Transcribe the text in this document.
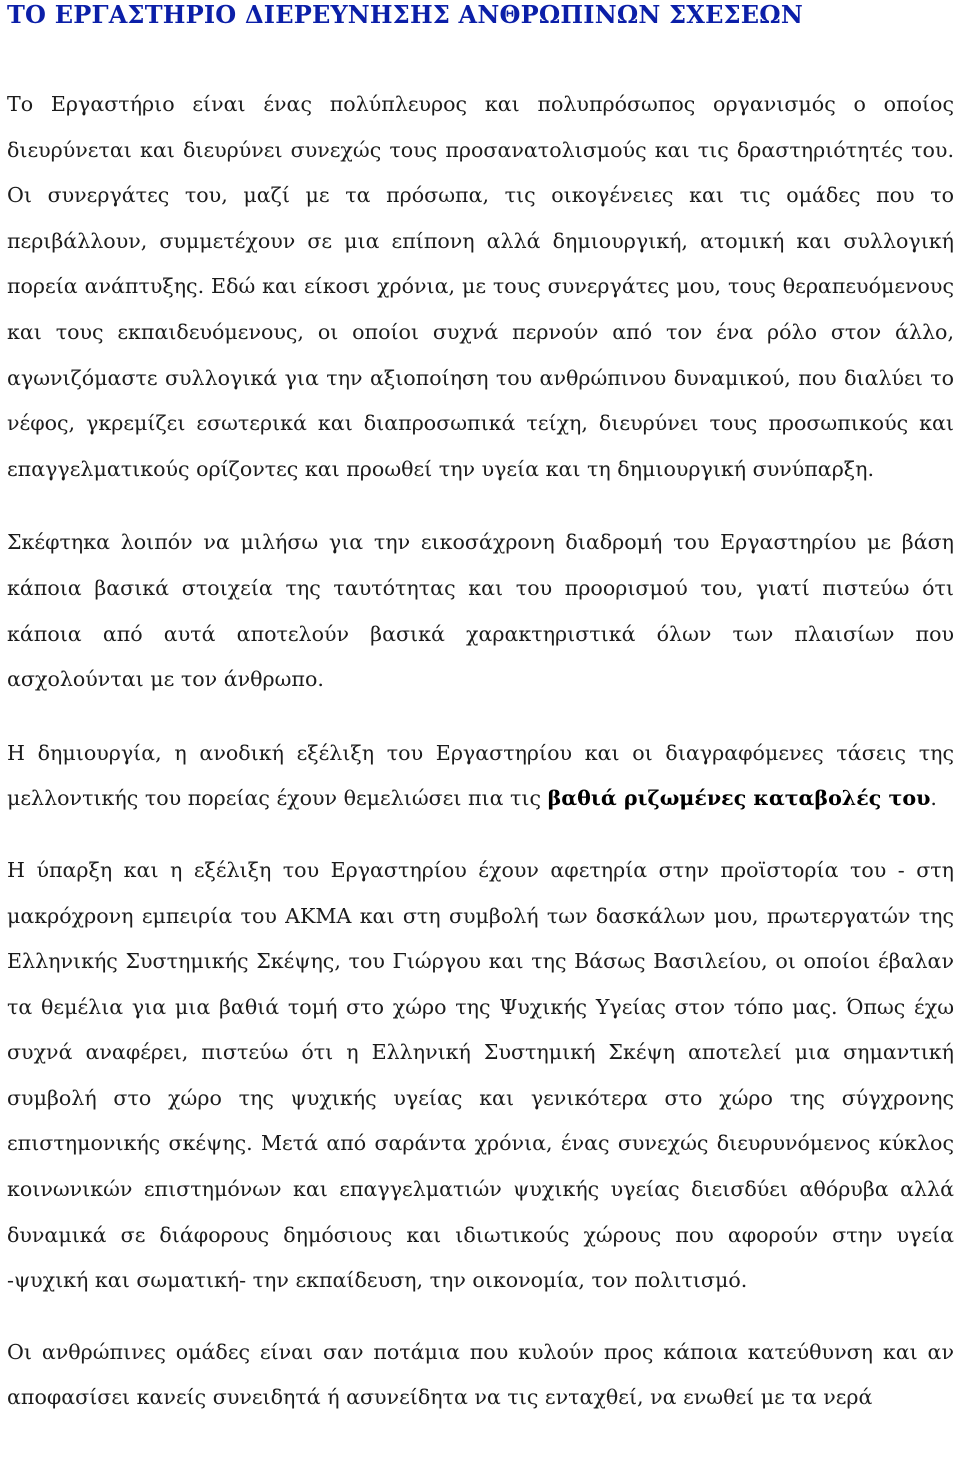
ΤΟ ΕΡΓΑΣΤΗΡΙΟ ΔΙΕΡΕΥΝΗΣΗΣ ΑΝΘΡΩΠΙΝΩΝ ΣΧΕΣΕΩΝ

Το Εργαστήριο είναι ένας πολύπλευρος και πολυπρόσωπος οργανισμός ο οποίος διευρύνεται και διευρύνει συνεχώς τους προσανατολισμούς και τις δραστηριότητές του. Οι συνεργάτες του, μαζί με τα πρόσωπα, τις οικογένειες και τις ομάδες που το περιβάλλουν, συμμετέχουν σε μια επίπονη αλλά δημιουργική, ατομική και συλλογική πορεία ανάπτυξης. Εδώ και είκοσι χρόνια, με τους συνεργάτες μου, τους θεραπευόμενους και τους εκπαιδευόμενους, οι οποίοι συχνά περνούν από τον ένα ρόλο στον άλλο, αγωνιζόμαστε συλλογικά για την αξιοποίηση του ανθρώπινου δυναμικού, που διαλύει το νέφος, γκρεμίζει εσωτερικά και διαπροσωπικά τείχη, διευρύνει τους προσωπικούς και επαγγελματικούς ορίζοντες και προωθεί την υγεία και τη δημιουργική συνύπαρξη.

Σκέφτηκα λοιπόν να μιλήσω για την εικοσάχρονη διαδρομή του Εργαστηρίου με βάση κάποια βασικά στοιχεία της ταυτότητας και του προορισμού του, γιατί πιστεύω ότι κάποια από αυτά αποτελούν βασικά χαρακτηριστικά όλων των πλαισίων που ασχολούνται με τον άνθρωπο.

Η δημιουργία, η ανοδική εξέλιξη του Εργαστηρίου και οι διαγραφόμενες τάσεις της μελλοντικής του πορείας έχουν θεμελιώσει πια τις βαθιά ριζωμένες καταβολές του.

Η ύπαρξη και η εξέλιξη του Εργαστηρίου έχουν αφετηρία στην προϊστορία του - στη μακρόχρονη εμπειρία του ΑΚΜΑ και στη συμβολή των δασκάλων μου, πρωτεργατών της Ελληνικής Συστημικής Σκέψης, του Γιώργου και της Βάσως Βασιλείου, οι οποίοι έβαλαν τα θεμέλια για μια βαθιά τομή στο χώρο της Ψυχικής Υγείας στον τόπο μας. Όπως έχω συχνά αναφέρει, πιστεύω ότι η Ελληνική Συστημική Σκέψη αποτελεί μια σημαντική συμβολή στο χώρο της ψυχικής υγείας και γενικότερα στο χώρο της σύγχρονης επιστημονικής σκέψης. Μετά από σαράντα χρόνια, ένας συνεχώς διευρυνόμενος κύκλος κοινωνικών επιστημόνων και επαγγελματιών ψυχικής υγείας διεισδύει αθόρυβα αλλά δυναμικά σε διάφορους δημόσιους και ιδιωτικούς χώρους που αφορούν στην υγεία -ψυχική και σωματική- την εκπαίδευση, την οικονομία, τον πολιτισμό.

Οι ανθρώπινες ομάδες είναι σαν ποτάμια που κυλούν προς κάποια κατεύθυνση και αν αποφασίσει κανείς συνειδητά ή ασυνείδητα να τις ενταχθεί, να ενωθεί με τα νερά
